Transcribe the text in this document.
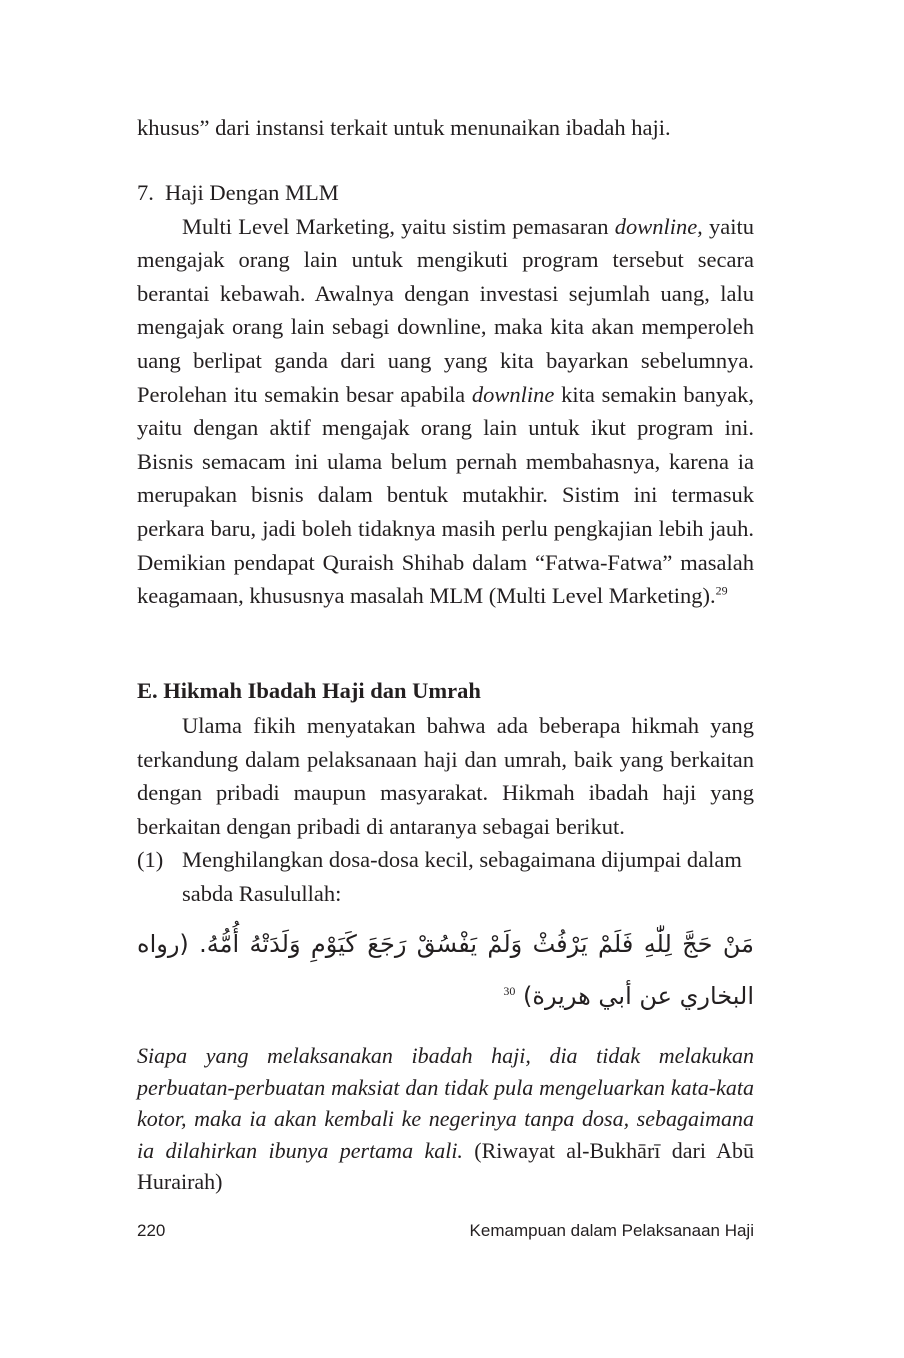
khusus” dari instansi terkait untuk menunaikan ibadah haji.

7. Haji Dengan MLM

Multi Level Marketing, yaitu sistim pemasaran downline, yaitu mengajak orang lain untuk mengikuti program tersebut secara berantai kebawah. Awalnya dengan investasi sejumlah uang, lalu mengajak orang lain sebagi downline, maka kita akan memperoleh uang berlipat ganda dari uang yang kita bayarkan sebelumnya. Perolehan itu semakin besar apabila downline kita semakin banyak, yaitu dengan aktif mengajak orang lain untuk ikut program ini. Bisnis semacam ini ulama belum pernah membahasnya, karena ia merupakan bisnis dalam bentuk mutakhir. Sistim ini termasuk perkara baru, jadi boleh tidaknya masih perlu pengkajian lebih jauh. Demikian pendapat Quraish Shihab dalam “Fatwa-Fatwa” masalah keagamaan, khususnya masalah MLM (Multi Level Marketing).$^{29}$

E. Hikmah Ibadah Haji dan Umrah

Ulama fikih menyatakan bahwa ada beberapa hikmah yang terkandung dalam pelaksanaan haji dan umrah, baik yang berkaitan dengan pribadi maupun masyarakat. Hikmah ibadah haji yang berkaitan dengan pribadi di antaranya sebagai berikut.

(1) Menghilangkan dosa-dosa kecil, sebagaimana dijumpai dalam sabda Rasulullah:
مَنْ حَجَّ لِلّٰهِ فَلَمْ يَرْفُثْ وَلَمْ يَفْسُقْ رَجَعَ كَيَوْمِ وَلَدَتْهُ أُمُّهُ. (رواه البخاري عن أبي هريرة) $^{30}$

Siapa yang melaksanakan ibadah haji, dia tidak melakukan perbuatan-perbuatan maksiat dan tidak pula mengeluarkan kata-kata kotor, maka ia akan kembali ke negerinya tanpa dosa, sebagaimana ia dilahirkan ibunya pertama kali. (Riwayat al-Bukhārī dari Abū Hurairah)

220	Kemampuan dalam Pelaksanaan Haji
